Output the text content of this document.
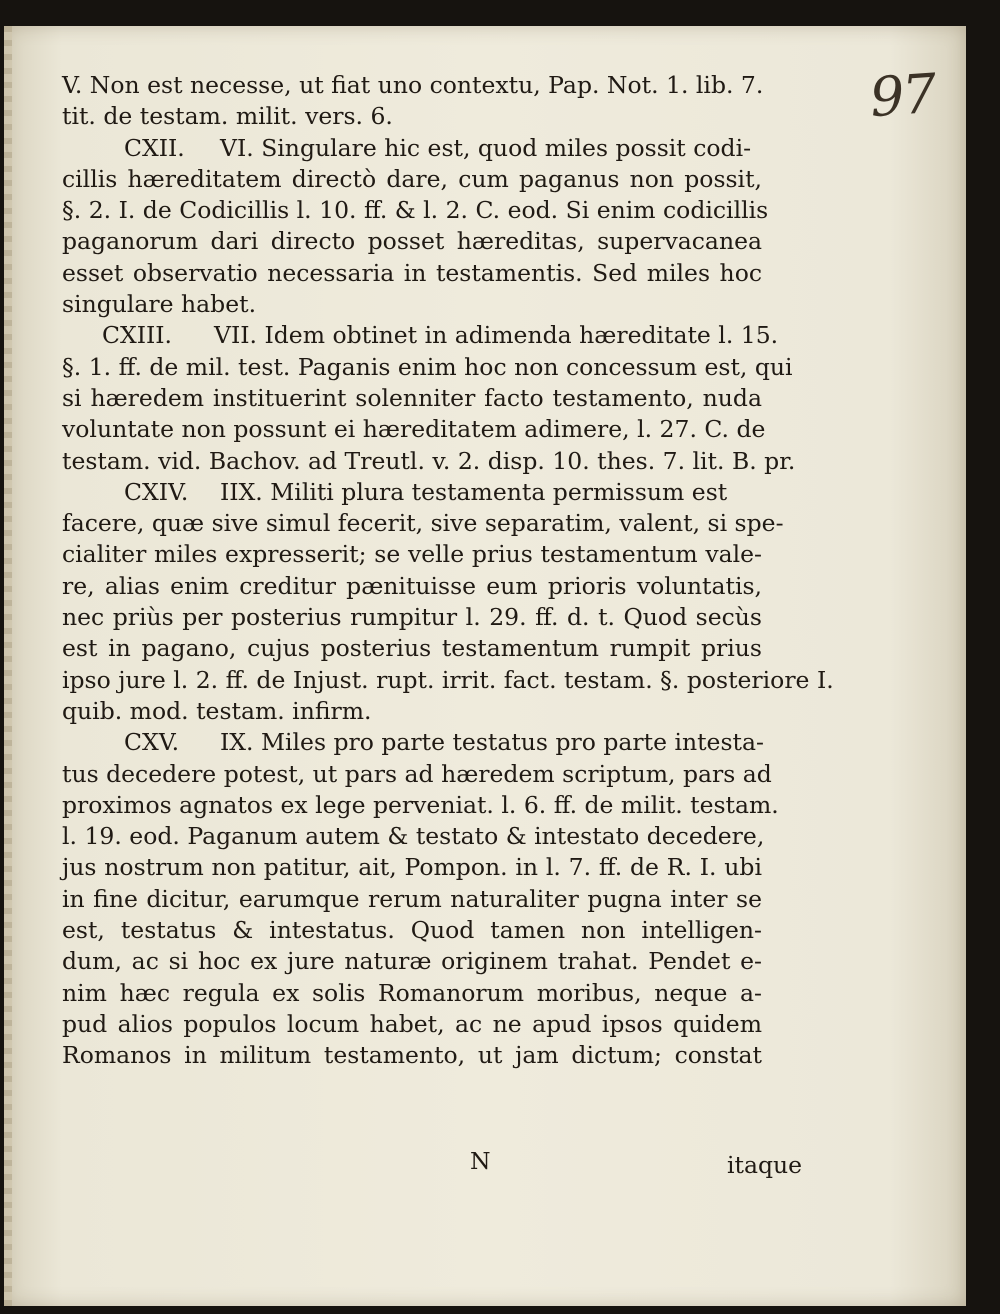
97
V. Non est necesse, ut fiat uno contextu, Pap. Not. 1. lib. 7.
tit. de testam. milit. vers. 6.
CXII. VI. Singulare hic est, quod miles possit codi-
cillis hæreditatem directò dare, cum paganus non possit,
§. 2. I. de Codicillis l. 10. ff. & l. 2. C. eod. Si enim codicillis
paganorum dari directo posset hæreditas, supervacanea
esset observatio necessaria in testamentis. Sed miles hoc
singulare habet.
CXIII. VII. Idem obtinet in adimenda hæreditate l. 15.
§. 1. ff. de mil. test. Paganis enim hoc non concessum est, qui
si hæredem instituerint solenniter facto testamento, nuda
voluntate non possunt ei hæreditatem adimere, l. 27. C. de
testam. vid. Bachov. ad Treutl. v. 2. disp. 10. thes. 7. lit. B. pr.
CXIV. IIX. Militi plura testamenta permissum est
facere, quæ sive simul fecerit, sive separatim, valent, si spe-
cialiter miles expresserit; se velle prius testamentum vale-
re, alias enim creditur pænituisse eum prioris voluntatis,
nec priùs per posterius rumpitur l. 29. ff. d. t. Quod secùs
est in pagano, cujus posterius testamentum rumpit prius
ipso jure l. 2. ff. de Injust. rupt. irrit. fact. testam. §. posteriore I.
quib. mod. testam. infirm.
CXV. IX. Miles pro parte testatus pro parte intesta-
tus decedere potest, ut pars ad hæredem scriptum, pars ad
proximos agnatos ex lege perveniat. l. 6. ff. de milit. testam.
l. 19. eod. Paganum autem & testato & intestato decedere,
jus nostrum non patitur, ait, Pompon. in l. 7. ff. de R. I. ubi
in fine dicitur, earumque rerum naturaliter pugna inter se
est, testatus & intestatus. Quod tamen non intelligen-
dum, ac si hoc ex jure naturæ originem trahat. Pendet e-
nim hæc regula ex solis Romanorum moribus, neque a-
pud alios populos locum habet, ac ne apud ipsos quidem
Romanos in militum testamento, ut jam dictum; constat
N	itaque
